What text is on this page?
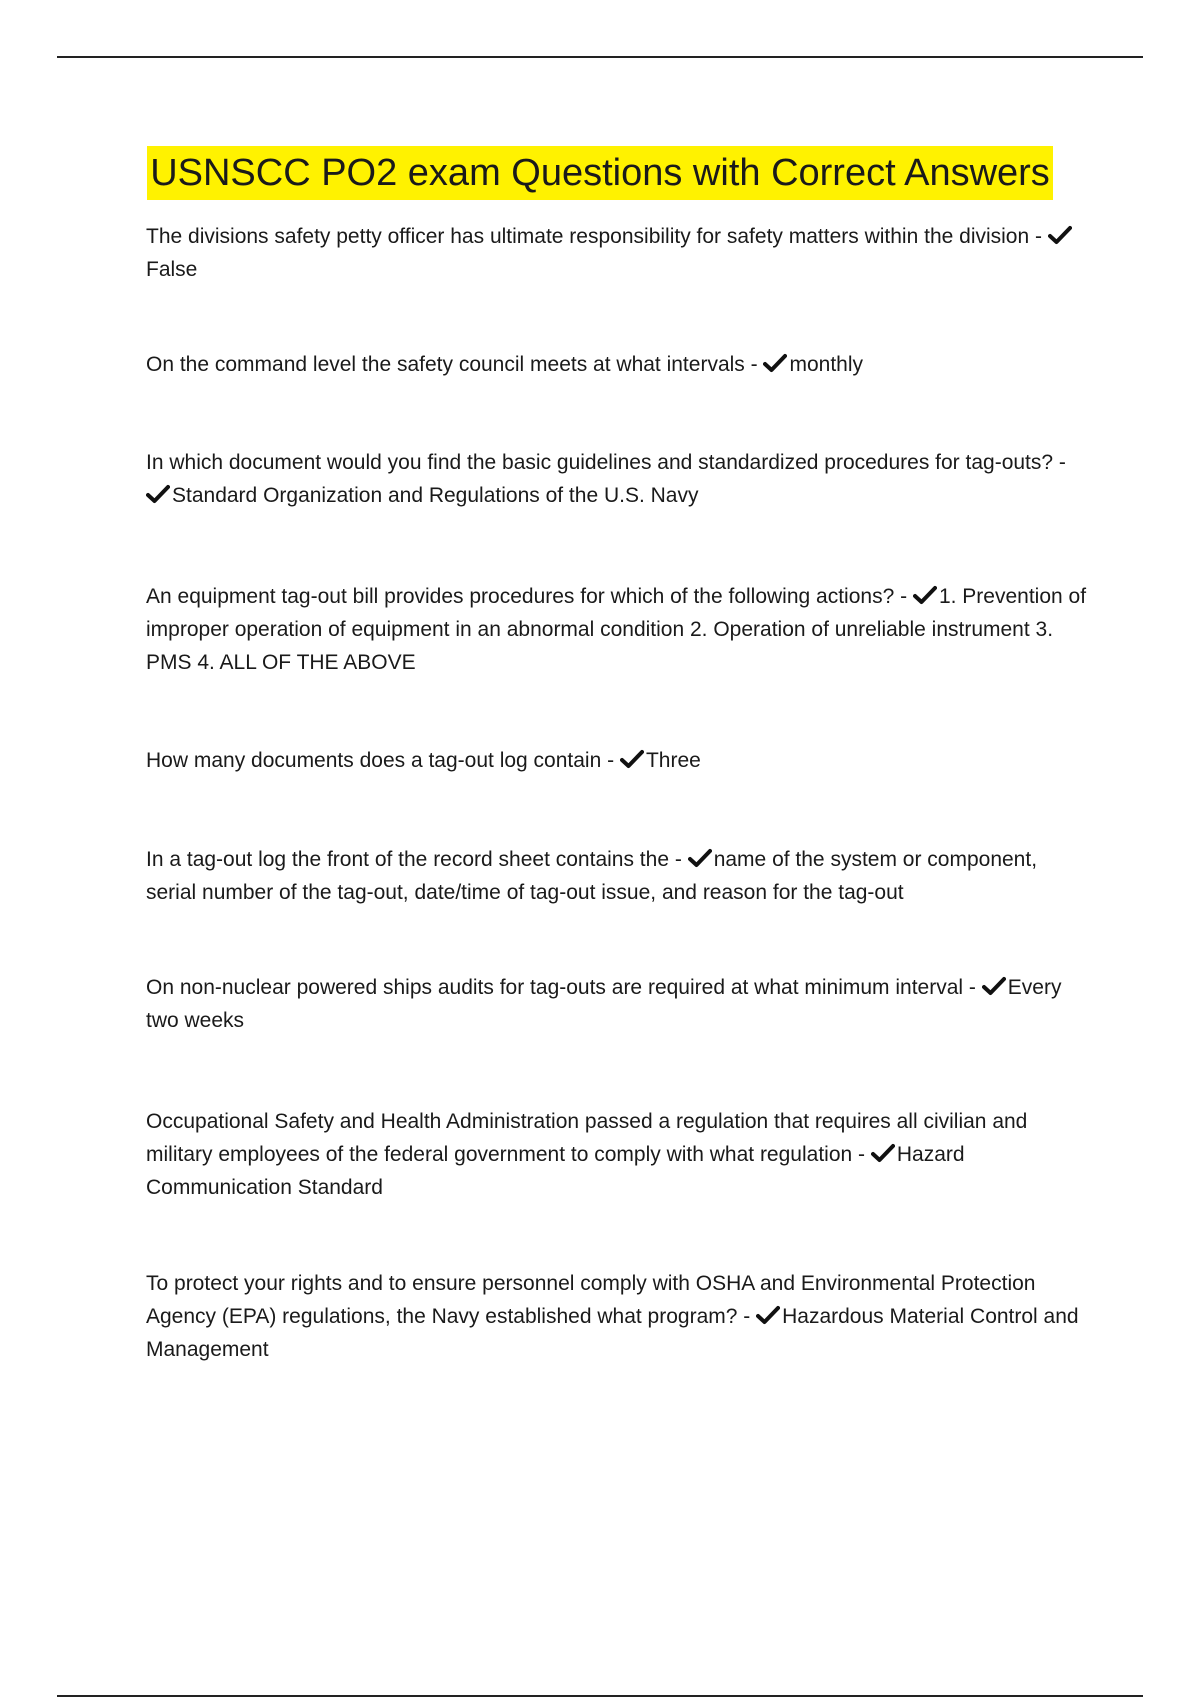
USNSCC PO2 exam Questions with Correct Answers
The divisions safety petty officer has ultimate responsibility for safety matters within the division -
False
On the command level the safety council meets at what intervals - monthly
In which document would you find the basic guidelines and standardized procedures for tag-outs? -
Standard Organization and Regulations of the U.S. Navy
An equipment tag-out bill provides procedures for which of the following actions? - 1. Prevention of improper operation of equipment in an abnormal condition 2. Operation of unreliable instrument 3. PMS 4. ALL OF THE ABOVE
How many documents does a tag-out log contain - Three
In a tag-out log the front of the record sheet contains the - name of the system or component, serial number of the tag-out, date/time of tag-out issue, and reason for the tag-out
On non-nuclear powered ships audits for tag-outs are required at what minimum interval - Every two weeks
Occupational Safety and Health Administration passed a regulation that requires all civilian and military employees of the federal government to comply with what regulation - Hazard Communication Standard
To protect your rights and to ensure personnel comply with OSHA and Environmental Protection Agency (EPA) regulations, the Navy established what program? - Hazardous Material Control and Management
